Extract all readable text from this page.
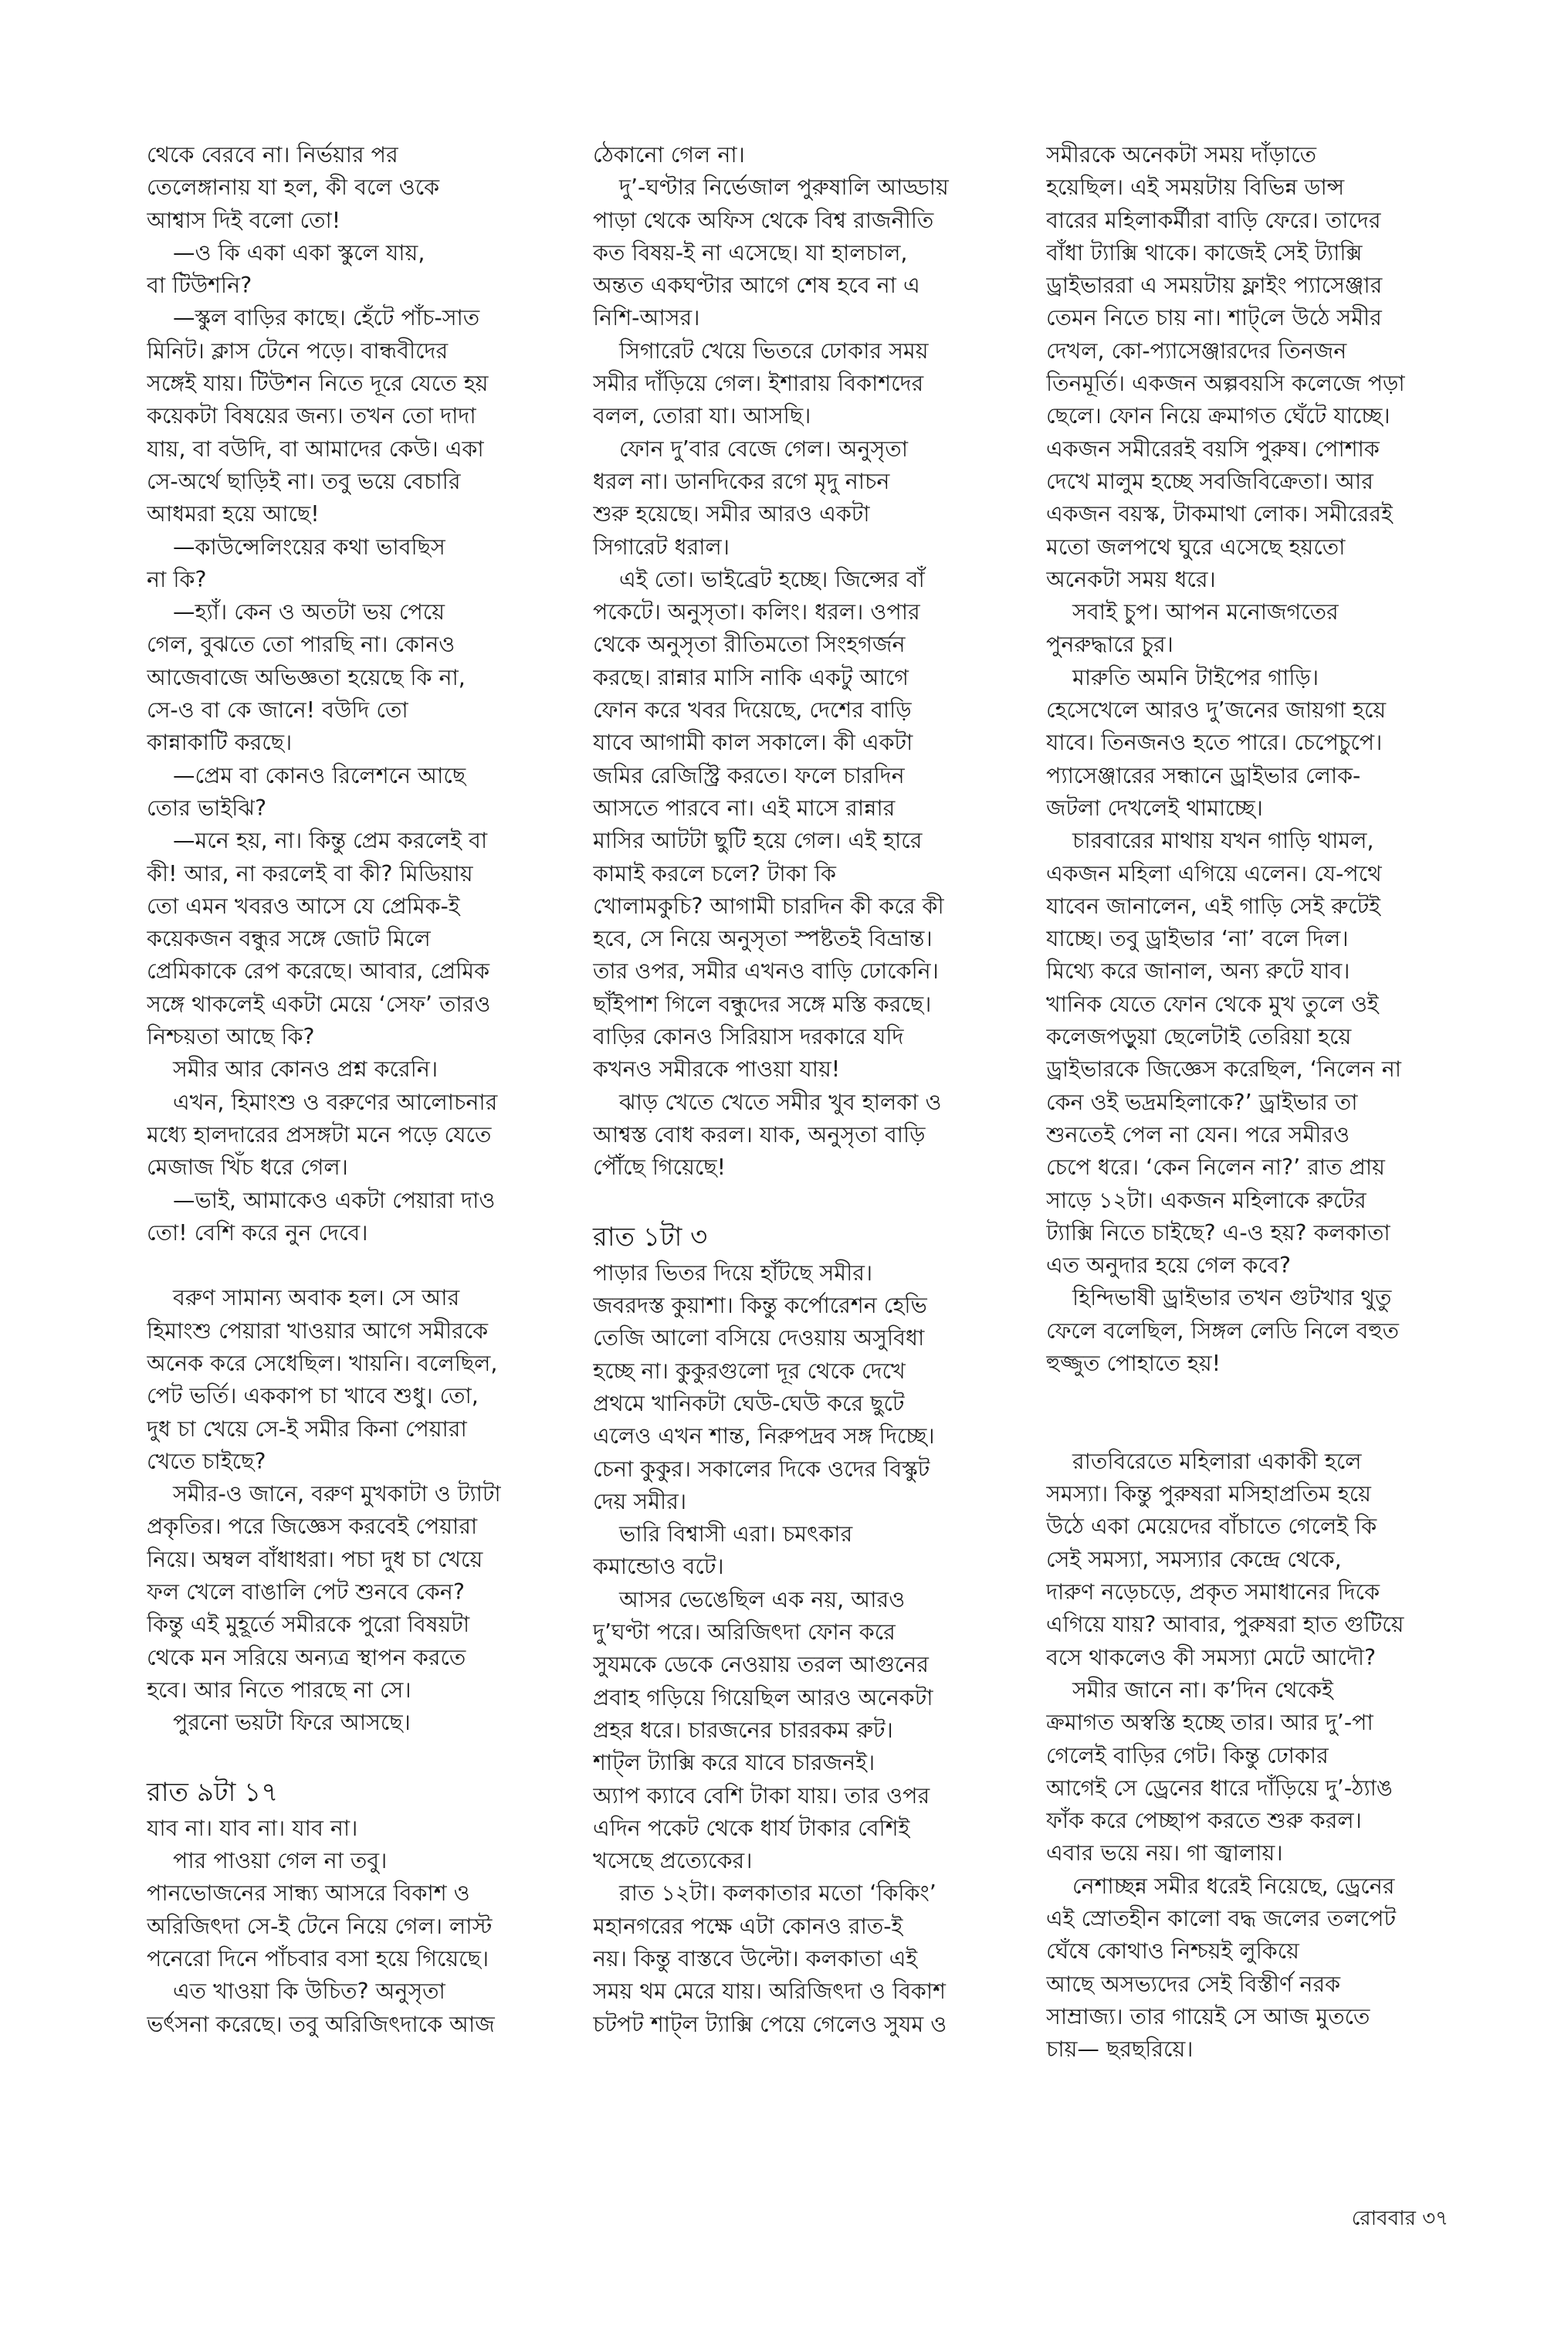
থেকে বেরবে না। নির্ভয়ার পর
তেলেঙ্গানায় যা হল, কী বলে ওকে
আশ্বাস দিই বলো তো!
—ও কি একা একা স্কুলে যায়,
বা টিউশনি?
—স্কুল বাড়ির কাছে। হেঁটে পাঁচ-সাত
মিনিট। ক্লাস টেনে পড়ে। বান্ধবীদের
সঙ্গেই যায়। টিউশন নিতে দূরে যেতে হয়
কয়েকটা বিষয়ের জন্য। তখন তো দাদা
যায়, বা বউদি, বা আমাদের কেউ। একা
সে-অর্থে ছাড়িই না। তবু ভয়ে বেচারি
আধমরা হয়ে আছে!
—কাউন্সেলিংয়ের কথা ভাবছিস
না কি?
—হ্যাঁ। কেন ও অতটা ভয় পেয়ে
গেল, বুঝতে তো পারছি না। কোনও
আজেবাজে অভিজ্ঞতা হয়েছে কি না,
সে-ও বা কে জানে! বউদি তো
কান্নাকাটি করছে।
—প্রেম বা কোনও রিলেশনে আছে
তোর ভাইঝি?
—মনে হয়, না। কিন্তু প্রেম করলেই বা
কী! আর, না করলেই বা কী? মিডিয়ায়
তো এমন খবরও আসে যে প্রেমিক-ই
কয়েকজন বন্ধুর সঙ্গে জোট মিলে
প্রেমিকাকে রেপ করেছে। আবার, প্রেমিক
সঙ্গে থাকলেই একটা মেয়ে ‘সেফ’ তারও
নিশ্চয়তা আছে কি?
সমীর আর কোনও প্রশ্ন করেনি।
এখন, হিমাংশু ও বরুণের আলোচনার
মধ্যে হালদারের প্রসঙ্গটা মনে পড়ে যেতে
মেজাজ খিঁচ ধরে গেল।
—ভাই, আমাকেও একটা পেয়ারা দাও
তো! বেশি করে নুন দেবে।
বরুণ সামান্য অবাক হল। সে আর
হিমাংশু পেয়ারা খাওয়ার আগে সমীরকে
অনেক করে সেধেছিল। খায়নি। বলেছিল,
পেট ভর্তি। এককাপ চা খাবে শুধু। তো,
দুধ চা খেয়ে সে-ই সমীর কিনা পেয়ারা
খেতে চাইছে?
সমীর-ও জানে, বরুণ মুখকাটা ও ট্যাটা
প্রকৃতির। পরে জিজ্ঞেস করবেই পেয়ারা
নিয়ে। অম্বল বাঁধাধরা। পচা দুধ চা খেয়ে
ফল খেলে বাঙালি পেট শুনবে কেন?
কিন্তু এই মুহূর্তে সমীরকে পুরো বিষয়টা
থেকে মন সরিয়ে অন্যত্র স্থাপন করতে
হবে। আর নিতে পারছে না সে।
পুরনো ভয়টা ফিরে আসছে।
রাত ৯টা ১৭
যাব না। যাব না। যাব না।
পার পাওয়া গেল না তবু।
পানভোজনের সান্ধ্য আসরে বিকাশ ও
অরিজিৎদা সে-ই টেনে নিয়ে গেল। লাস্ট
পনেরো দিনে পাঁচবার বসা হয়ে গিয়েছে।
এত খাওয়া কি উচিত? অনুসৃতা
ভর্ৎসনা করেছে। তবু অরিজিৎদাকে আজ
ঠেকানো গেল না।
দু’-ঘণ্টার নির্ভেজাল পুরুষালি আড্ডায়
পাড়া থেকে অফিস থেকে বিশ্ব রাজনীতি
কত বিষয়-ই না এসেছে। যা হালচাল,
অন্তত একঘণ্টার আগে শেষ হবে না এ
নিশি-আসর।
সিগারেট খেয়ে ভিতরে ঢোকার সময়
সমীর দাঁড়িয়ে গেল। ইশারায় বিকাশদের
বলল, তোরা যা। আসছি।
ফোন দু’বার বেজে গেল। অনুসৃতা
ধরল না। ডানদিকের রগে মৃদু নাচন
শুরু হয়েছে। সমীর আরও একটা
সিগারেট ধরাল।
এই তো। ভাইব্রেট হচ্ছে। জিন্সের বাঁ
পকেটে। অনুসৃতা। কলিং। ধরল। ওপার
থেকে অনুসৃতা রীতিমতো সিংহগর্জন
করছে। রান্নার মাসি নাকি একটু আগে
ফোন করে খবর দিয়েছে, দেশের বাড়ি
যাবে আগামী কাল সকালে। কী একটা
জমির রেজিস্ট্রি করতে। ফলে চারদিন
আসতে পারবে না। এই মাসে রান্নার
মাসির আটটা ছুটি হয়ে গেল। এই হারে
কামাই করলে চলে? টাকা কি
খোলামকুচি? আগামী চারদিন কী করে কী
হবে, সে নিয়ে অনুসৃতা স্পষ্টতই বিভ্রান্ত।
তার ওপর, সমীর এখনও বাড়ি ঢোকেনি।
ছাঁইপাশ গিলে বন্ধুদের সঙ্গে মস্তি করছে।
বাড়ির কোনও সিরিয়াস দরকারে যদি
কখনও সমীরকে পাওয়া যায়!
ঝাড় খেতে খেতে সমীর খুব হালকা ও
আশ্বস্ত বোধ করল। যাক, অনুসৃতা বাড়ি
পৌঁছে গিয়েছে!
রাত ১টা ৩
পাড়ার ভিতর দিয়ে হাঁটছে সমীর।
জবরদস্ত কুয়াশা। কিন্তু কর্পোরেশন হেভি
তেজি আলো বসিয়ে দেওয়ায় অসুবিধা
হচ্ছে না। কুকুরগুলো দূর থেকে দেখে
প্রথমে খানিকটা ঘেউ-ঘেউ করে ছুটে
এলেও এখন শান্ত, নিরুপদ্রব সঙ্গ দিচ্ছে।
চেনা কুকুর। সকালের দিকে ওদের বিস্কুট
দেয় সমীর।
ভারি বিশ্বাসী এরা। চমৎকার
কমান্ডোও বটে।
আসর ভেঙেছিল এক নয়, আরও
দু’ঘণ্টা পরে। অরিজিৎদা ফোন করে
সুযমকে ডেকে নেওয়ায় তরল আগুনের
প্রবাহ গড়িয়ে গিয়েছিল আরও অনেকটা
প্রহর ধরে। চারজনের চাররকম রুট।
শাট্‌ল ট্যাক্সি করে যাবে চারজনই।
অ্যাপ ক্যাবে বেশি টাকা যায়। তার ওপর
এদিন পকেট থেকে ধার্য টাকার বেশিই
খসেছে প্রত্যেকের।
রাত ১২টা। কলকাতার মতো ‘কিকিং’
মহানগরের পক্ষে এটা কোনও রাত-ই
নয়। কিন্তু বাস্তবে উল্টো। কলকাতা এই
সময় থম মেরে যায়। অরিজিৎদা ও বিকাশ
চটপট শাট্‌ল ট্যাক্সি পেয়ে গেলেও সুযম ও
সমীরকে অনেকটা সময় দাঁড়াতে
হয়েছিল। এই সময়টায় বিভিন্ন ডান্স
বারের মহিলাকর্মীরা বাড়ি ফেরে। তাদের
বাঁধা ট্যাক্সি থাকে। কাজেই সেই ট্যাক্সি
ড্রাইভাররা এ সময়টায় ফ্লাইং প্যাসেঞ্জার
তেমন নিতে চায় না। শাট্‌লে উঠে সমীর
দেখল, কো-প্যাসেঞ্জারদের তিনজন
তিনমূর্তি। একজন অল্পবয়সি কলেজে পড়া
ছেলে। ফোন নিয়ে ক্রমাগত ঘেঁটে যাচ্ছে।
একজন সমীরেরই বয়সি পুরুষ। পোশাক
দেখে মালুম হচ্ছে সবজিবিক্রেতা। আর
একজন বয়স্ক, টাকমাথা লোক। সমীরেরই
মতো জলপথে ঘুরে এসেছে হয়তো
অনেকটা সময় ধরে।
সবাই চুপ। আপন মনোজগতের
পুনরুদ্ধারে চুর।
মারুতি অমনি টাইপের গাড়ি।
হেসেখেলে আরও দু’জনের জায়গা হয়ে
যাবে। তিনজনও হতে পারে। চেপেচুপে।
প্যাসেঞ্জারের সন্ধানে ড্রাইভার লোক-
জটলা দেখলেই থামাচ্ছে।
চারবারের মাথায় যখন গাড়ি থামল,
একজন মহিলা এগিয়ে এলেন। যে-পথে
যাবেন জানালেন, এই গাড়ি সেই রুটেই
যাচ্ছে। তবু ড্রাইভার ‘না’ বলে দিল।
মিথ্যে করে জানাল, অন্য রুটে যাব।
খানিক যেতে ফোন থেকে মুখ তুলে ওই
কলেজপড়ুয়া ছেলেটাই তেরিয়া হয়ে
ড্রাইভারকে জিজ্ঞেস করেছিল, ‘নিলেন না
কেন ওই ভদ্রমহিলাকে?’ ড্রাইভার তা
শুনতেই পেল না যেন। পরে সমীরও
চেপে ধরে। ‘কেন নিলেন না?’ রাত প্রায়
সাড়ে ১২টা। একজন মহিলাকে রুটের
ট্যাক্সি নিতে চাইছে? এ-ও হয়? কলকাতা
এত অনুদার হয়ে গেল কবে?
হিন্দিভাষী ড্রাইভার তখন গুটখার থুতু
ফেলে বলেছিল, সিঙ্গল লেডি নিলে বহুত
হুজ্জুত পোহাতে হয়!
রাতবিরেতে মহিলারা একাকী হলে
সমস্যা। কিন্তু পুরুষরা মসিহাপ্রতিম হয়ে
উঠে একা মেয়েদের বাঁচাতে গেলেই কি
সেই সমস্যা, সমস্যার কেন্দ্রে থেকে,
দারুণ নড়েচড়ে, প্রকৃত সমাধানের দিকে
এগিয়ে যায়? আবার, পুরুষরা হাত গুটিয়ে
বসে থাকলেও কী সমস্যা মেটে আদৌ?
সমীর জানে না। ক’দিন থেকেই
ক্রমাগত অস্বস্তি হচ্ছে তার। আর দু’-পা
গেলেই বাড়ির গেট। কিন্তু ঢোকার
আগেই সে ড্রেনের ধারে দাঁড়িয়ে দু’-ঠ্যাঙ
ফাঁক করে পেচ্ছাপ করতে শুরু করল।
এবার ভয়ে নয়। গা জ্বালায়।
নেশাচ্ছন্ন সমীর ধরেই নিয়েছে, ড্রেনের
এই স্রোতহীন কালো বদ্ধ জলের তলপেট
ঘেঁষে কোথাও নিশ্চয়ই লুকিয়ে
আছে অসভ্যদের সেই বিস্তীর্ণ নরক
সাম্রাজ্য। তার গায়েই সে আজ মুততে
চায়— ছরছরিয়ে।
রোববার ৩৭
